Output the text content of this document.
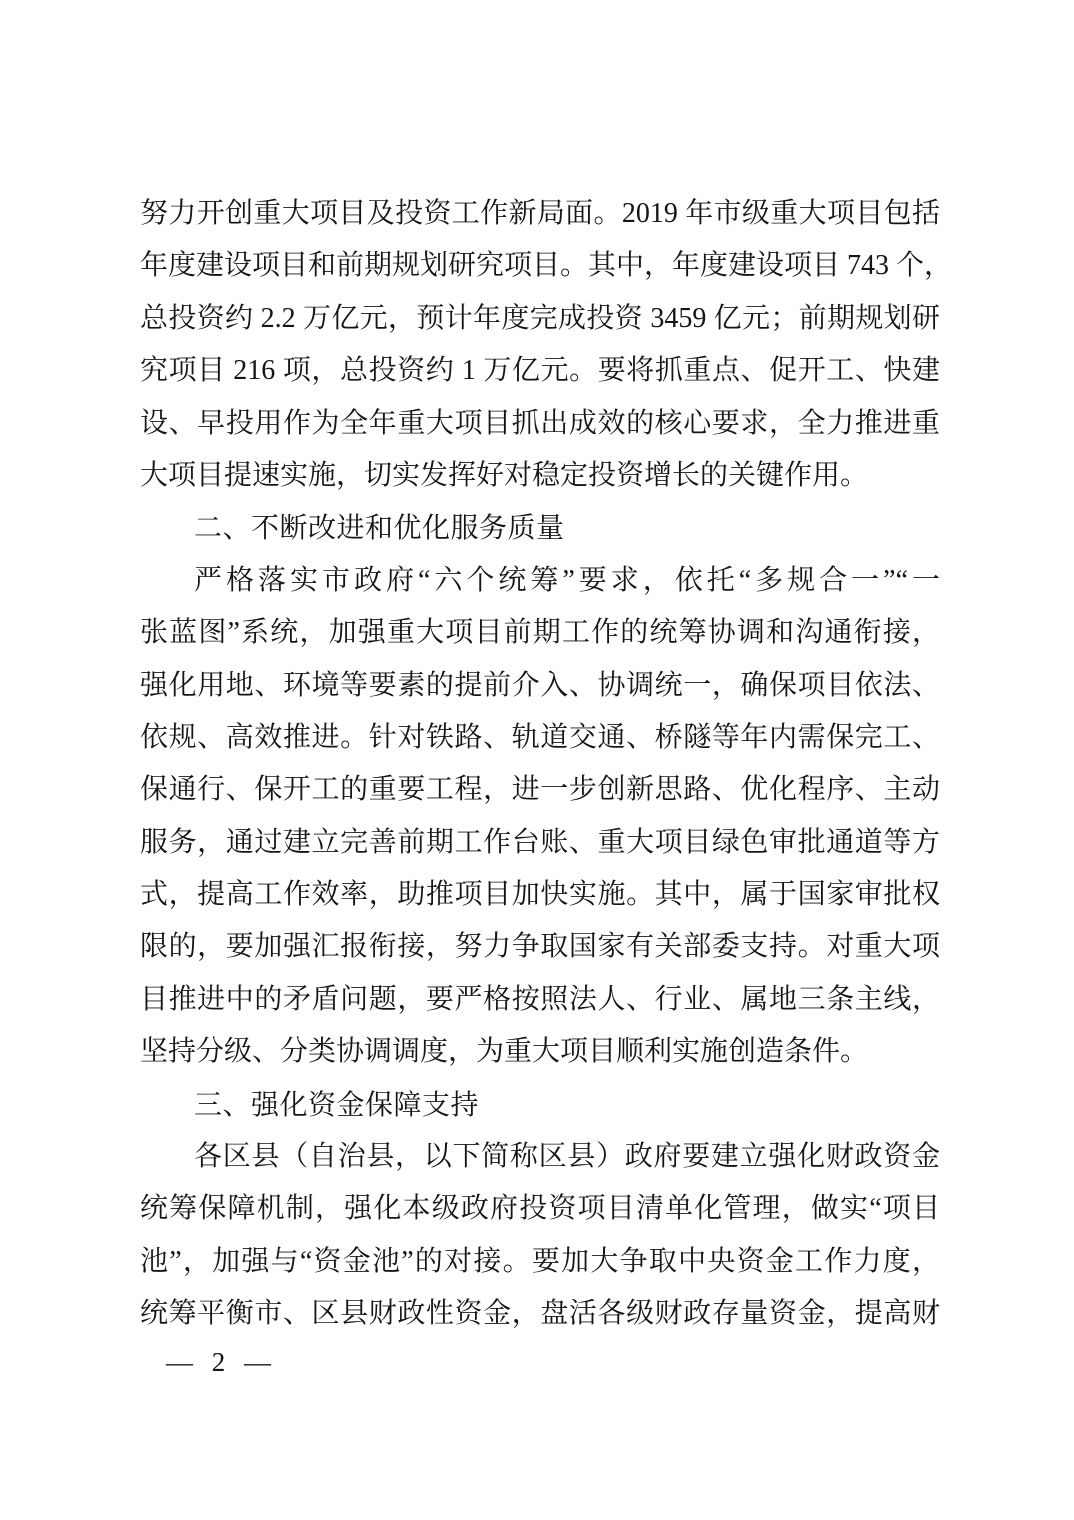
努力开创重大项目及投资工作新局面。2019 年市级重大项目包括
年度建设项目和前期规划研究项目。其中，年度建设项目 743 个，
总投资约 2.2 万亿元，预计年度完成投资 3459 亿元；前期规划研
究项目 216 项，总投资约 1 万亿元。要将抓重点、促开工、快建
设、早投用作为全年重大项目抓出成效的核心要求，全力推进重
大项目提速实施，切实发挥好对稳定投资增长的关键作用。
二、不断改进和优化服务质量
严格落实市政府“六个统筹”要求，依托“多规合一”“一
张蓝图”系统，加强重大项目前期工作的统筹协调和沟通衔接，
强化用地、环境等要素的提前介入、协调统一，确保项目依法、
依规、高效推进。针对铁路、轨道交通、桥隧等年内需保完工、
保通行、保开工的重要工程，进一步创新思路、优化程序、主动
服务，通过建立完善前期工作台账、重大项目绿色审批通道等方
式，提高工作效率，助推项目加快实施。其中，属于国家审批权
限的，要加强汇报衔接，努力争取国家有关部委支持。对重大项
目推进中的矛盾问题，要严格按照法人、行业、属地三条主线，
坚持分级、分类协调调度，为重大项目顺利实施创造条件。
三、强化资金保障支持
各区县（自治县，以下简称区县）政府要建立强化财政资金
统筹保障机制，强化本级政府投资项目清单化管理，做实“项目
池”，加强与“资金池”的对接。要加大争取中央资金工作力度，
统筹平衡市、区县财政性资金，盘活各级财政存量资金，提高财
— 2 —
